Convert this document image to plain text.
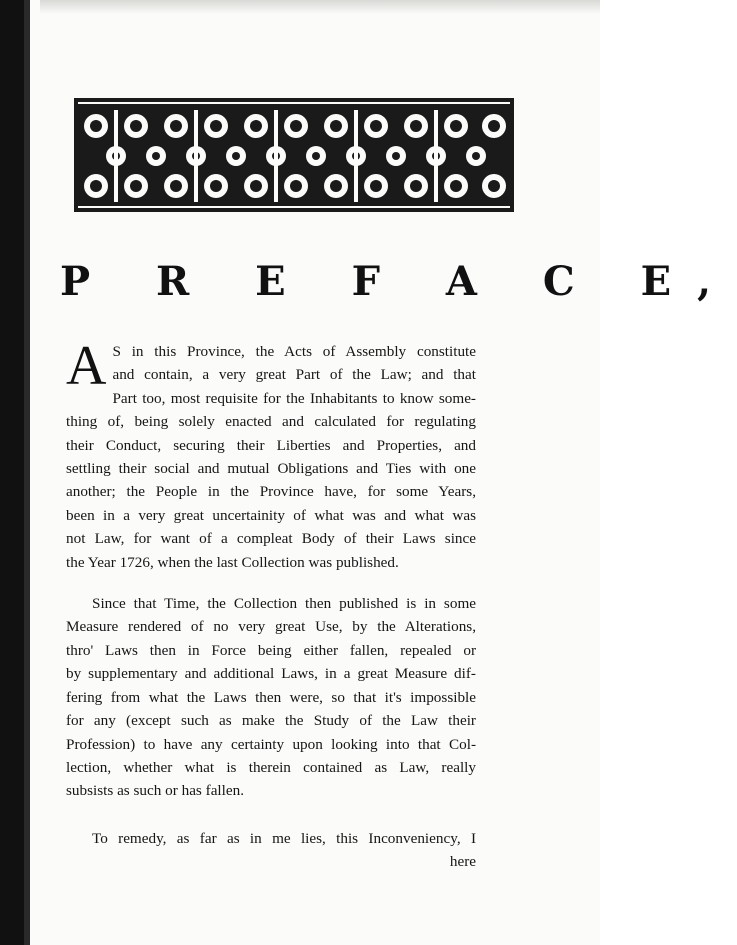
P R E F A C E,
A S in this Province, the Acts of Assembly constitute
and contain, a very great Part of the Law; and that
Part too, most requisite for the Inhabitants to know some-
thing of, being solely enacted and calculated for regulating
their Conduct, securing their Liberties and Properties, and
settling their social and mutual Obligations and Ties with one
another; the People in the Province have, for some Years,
been in a very great uncertainity of what was and what was
not Law, for want of a compleat Body of their Laws since
the Year 1726, when the last Collection was published.
Since that Time, the Collection then published is in some
Measure rendered of no very great Use, by the Alterations,
thro' Laws then in Force being either fallen, repealed or
by supplementary and additional Laws, in a great Measure dif-
fering from what the Laws then were, so that it's impossible
for any (except such as make the Study of the Law their
Profession) to have any certainty upon looking into that Col-
lection, whether what is therein contained as Law, really
subsists as such or has fallen.
To remedy, as far as in me lies, this Inconveniency, I
here
